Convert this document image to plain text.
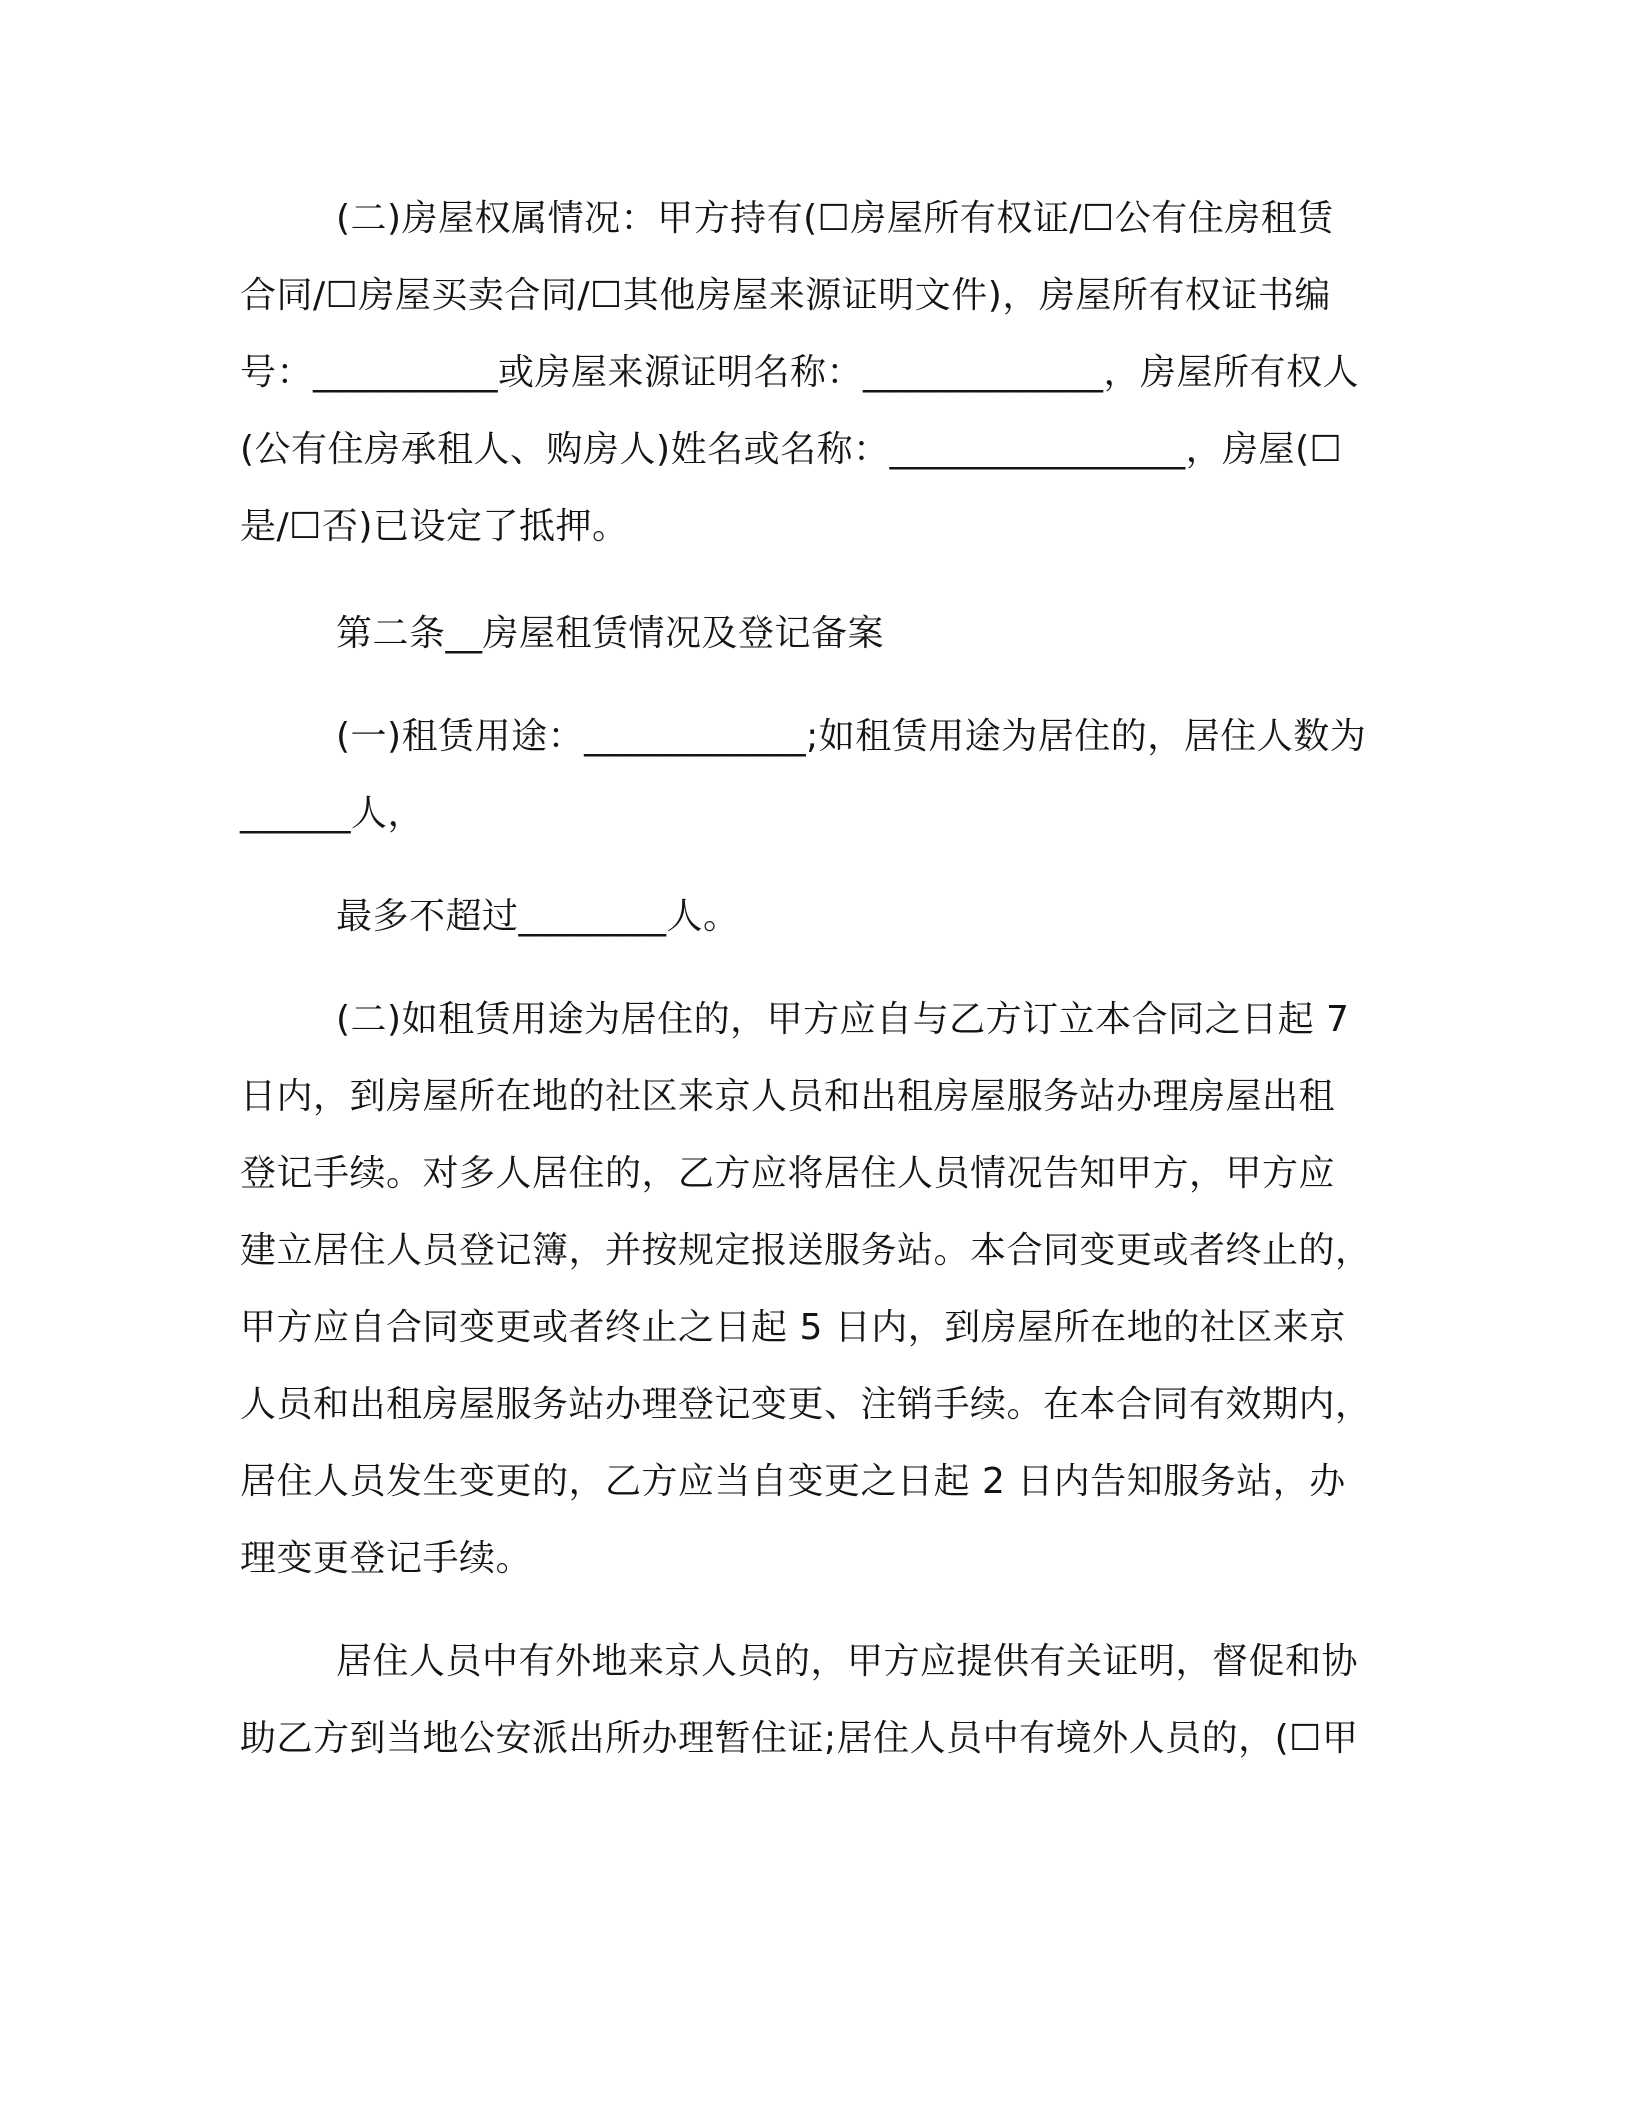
(二)房屋权属情况：甲方持有(☐房屋所有权证/☐公有住房租赁
合同/☐房屋买卖合同/☐其他房屋来源证明文件)，房屋所有权证书编
号：__________或房屋来源证明名称：_____________，房屋所有权人
(公有住房承租人、购房人)姓名或名称：________________，房屋(☐
是/☐否)已设定了抵押。

第二条__房屋租赁情况及登记备案

(一)租赁用途：____________;如租赁用途为居住的，居住人数为
______人，

最多不超过________人。

(二)如租赁用途为居住的，甲方应自与乙方订立本合同之日起 7
日内，到房屋所在地的社区来京人员和出租房屋服务站办理房屋出租
登记手续。对多人居住的，乙方应将居住人员情况告知甲方，甲方应
建立居住人员登记簿，并按规定报送服务站。本合同变更或者终止的，
甲方应自合同变更或者终止之日起 5 日内，到房屋所在地的社区来京
人员和出租房屋服务站办理登记变更、注销手续。在本合同有效期内，
居住人员发生变更的，乙方应当自变更之日起 2 日内告知服务站，办
理变更登记手续。

居住人员中有外地来京人员的，甲方应提供有关证明，督促和协
助乙方到当地公安派出所办理暂住证;居住人员中有境外人员的，(☐甲
